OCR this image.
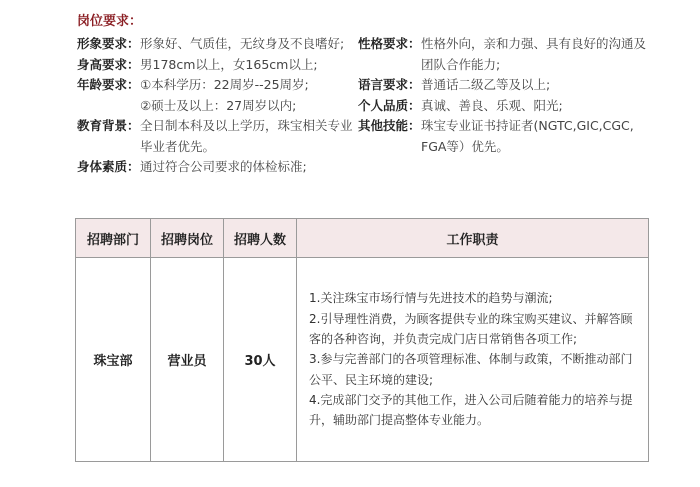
岗位要求：
形象要求： 形象好、气质佳，无纹身及不良嗜好;
身高要求： 男178cm以上，女165cm以上;
年龄要求： ①本科学历：22周岁--25周岁;
②硕士及以上：27周岁以内;
教育背景： 全日制本科及以上学历，珠宝相关专业毕业者优先。
身体素质： 通过符合公司要求的体检标准;
性格要求： 性格外向，亲和力强、具有良好的沟通及团队合作能力;
语言要求： 普通话二级乙等及以上;
个人品质： 真诚、善良、乐观、阳光;
其他技能： 珠宝专业证书持证者(NGTC,GIC,CGC, FGA等）优先。
招聘部门	招聘岗位	招聘人数	工作职责
珠宝部	营业员	30人	1.关注珠宝市场行情与先进技术的趋势与潮流;

2.引导理性消费，为顾客提供专业的珠宝购买建议、并解答顾客的各种咨询，并负责完成门店日常销售各项工作;

3.参与完善部门的各项管理标准、体制与政策，不断推动部门公平、民主环境的建设;

4.完成部门交予的其他工作，进入公司后随着能力的培养与提升，辅助部门提高整体专业能力。
